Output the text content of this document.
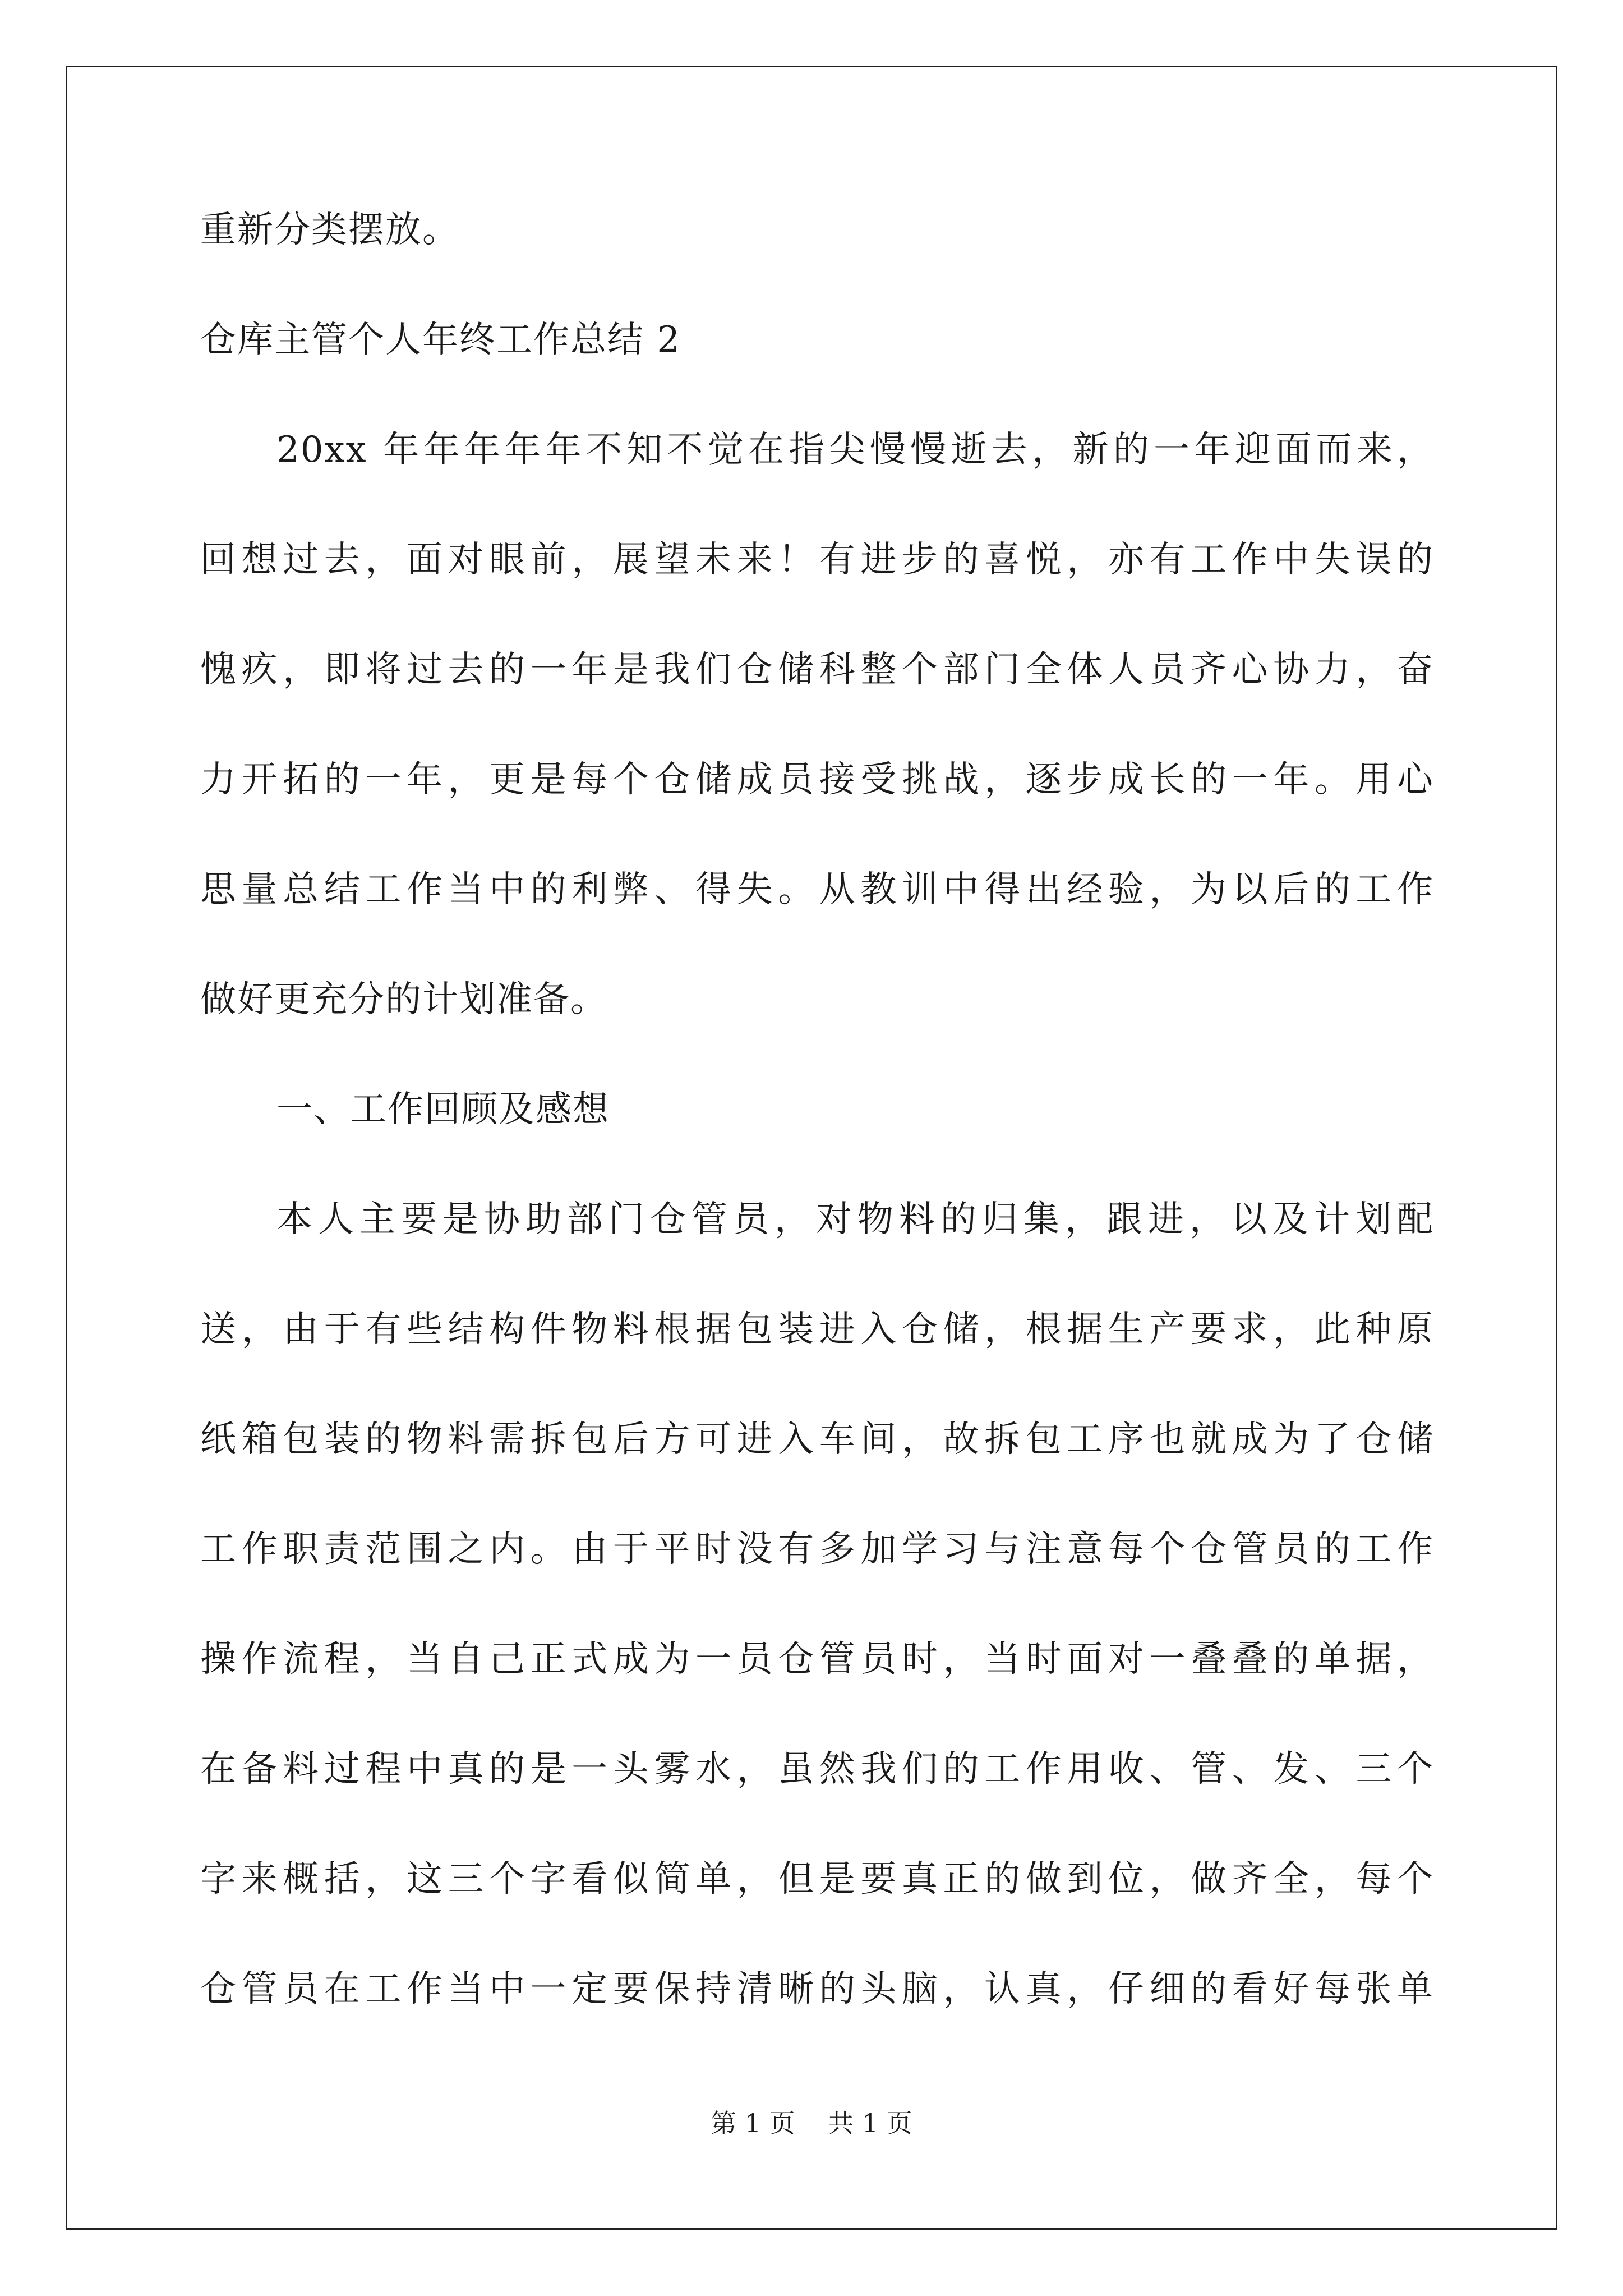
重新分类摆放。
仓库主管个人年终工作总结 2
20xx 年年年年年不知不觉在指尖慢慢逝去，新的一年迎面而来，
回想过去，面对眼前，展望未来！有进步的喜悦，亦有工作中失误的
愧疚，即将过去的一年是我们仓储科整个部门全体人员齐心协力，奋
力开拓的一年，更是每个仓储成员接受挑战，逐步成长的一年。用心
思量总结工作当中的利弊、得失。从教训中得出经验，为以后的工作
做好更充分的计划准备。
一、工作回顾及感想
本人主要是协助部门仓管员，对物料的归集，跟进，以及计划配
送，由于有些结构件物料根据包装进入仓储，根据生产要求，此种原
纸箱包装的物料需拆包后方可进入车间，故拆包工序也就成为了仓储
工作职责范围之内。由于平时没有多加学习与注意每个仓管员的工作
操作流程，当自己正式成为一员仓管员时，当时面对一叠叠的单据，
在备料过程中真的是一头雾水，虽然我们的工作用收、管、发、三个
字来概括，这三个字看似简单，但是要真正的做到位，做齐全，每个
仓管员在工作当中一定要保持清晰的头脑，认真，仔细的看好每张单
第 1 页    共 1 页
